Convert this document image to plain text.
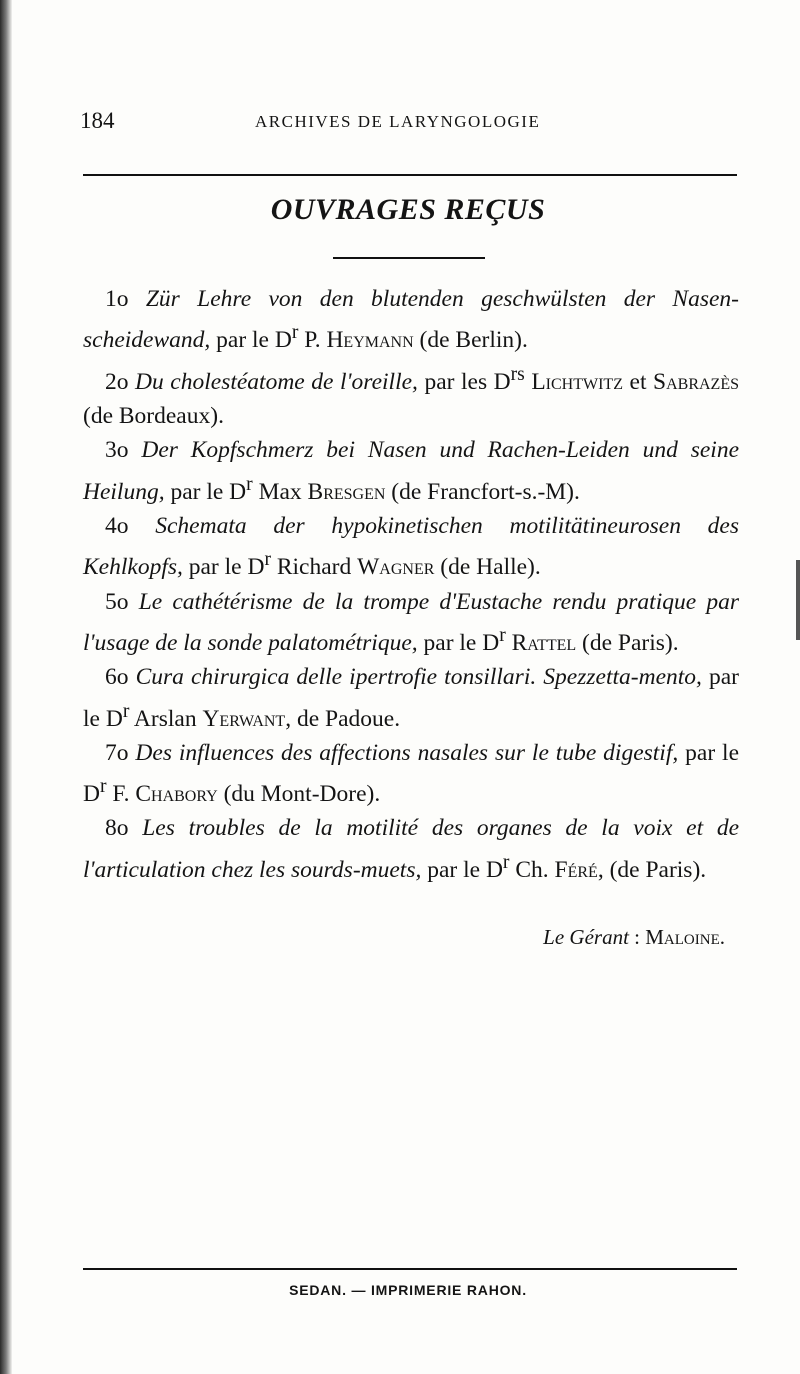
184	ARCHIVES DE LARYNGOLOGIE
OUVRAGES REÇUS

1o Zür Lehre von den blutenden geschwülsten der Nasen-scheidewand, par le $D^r$ P. Heymann (de Berlin).

2o Du cholestéatome de l'oreille, par les $D^{rs}$ Lichtwitz et Sabrazès (de Bordeaux).

3o Der Kopfschmerz bei Nasen und Rachen-Leiden und seine Heilung, par le $D^r$ Max Bresgen (de Francfort-s.-M).

4o Schemata der hypokinetischen motilitätineurosen des Kehlkopfs, par le $D^r$ Richard Wagner (de Halle).

5o Le cathétérisme de la trompe d'Eustache rendu pratique par l'usage de la sonde palatométrique, par le $D^r$ Rattel (de Paris).

6o Cura chirurgica delle ipertrofie tonsillari. Spezzetta-mento, par le $D^r$ Arslan Yerwant, de Padoue.

7o Des influences des affections nasales sur le tube digestif, par le $D^r$ F. Chabory (du Mont-Dore).

8o Les troubles de la motilité des organes de la voix et de l'articulation chez les sourds-muets, par le $D^r$ Ch. Féré, (de Paris).

Le Gérant : Maloine.
SEDAN. — IMPRIMERIE RAHON.
